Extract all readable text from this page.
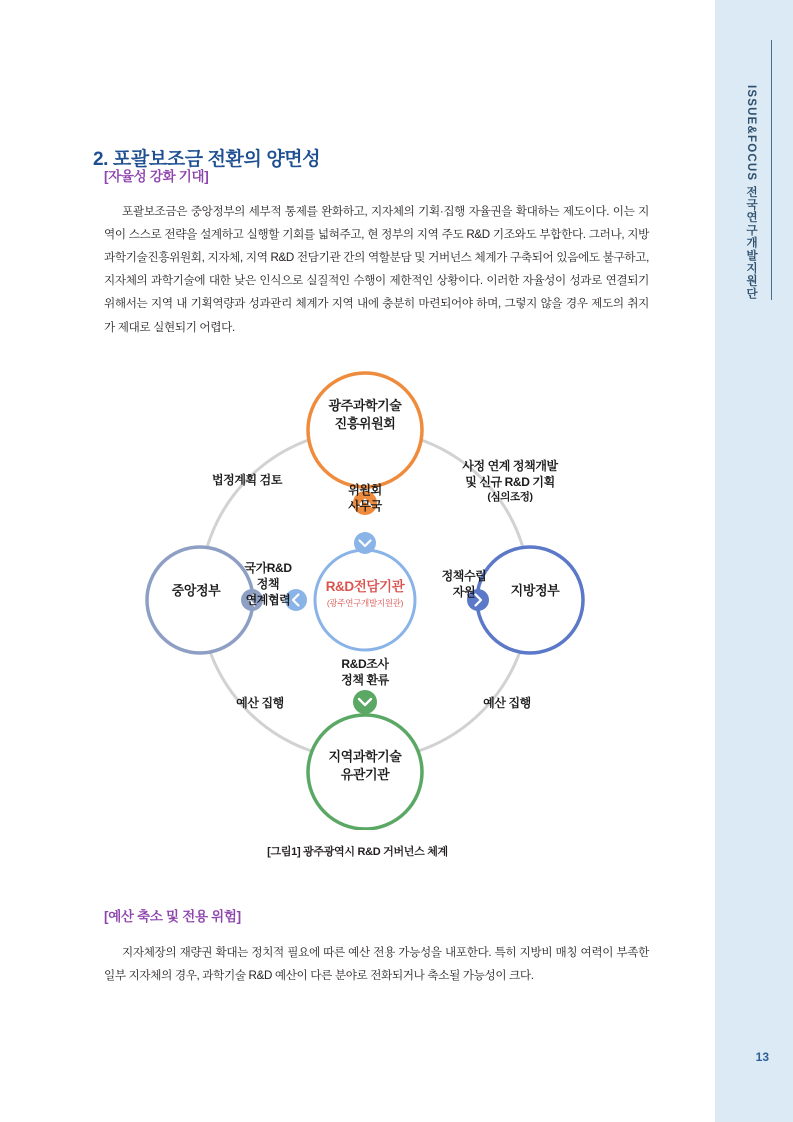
ISSUE&FOCUS 전국연구개발지원단
13
2. 포괄보조금 전환의 양면성
[자율성 강화 기대]

포괄보조금은 중앙정부의 세부적 통제를 완화하고, 지자체의 기획·집행 자율권을 확대하는 제도이다. 이는 지역이 스스로 전략을 설계하고 실행할 기회를 넓혀주고, 현 정부의 지역 주도 R&D 기조와도 부합한다. 그러나, 지방과학기술진흥위원회, 지자체, 지역 R&D 전담기관 간의 역할분담 및 거버넌스 체계가 구축되어 있음에도 불구하고, 지자체의 과학기술에 대한 낮은 인식으로 실질적인 수행이 제한적인 상황이다. 이러한 자율성이 성과로 연결되기 위해서는 지역 내 기획역량과 성과관리 체계가 지역 내에 충분히 마련되어야 하며, 그렇지 않을 경우 제도의 취지가 제대로 실현되기 어렵다.

광주과학기술
진흥위원회
중앙정부	지방정부
지역과학기술
유관기관
R&D전담기관
(광주연구개발지원관)
위원회
사무국
R&D조사
정책 환류
국가R&D
정책
연계협력
정책수립
자원
법정계획 검토
사정 연계 정책개발
및 신규 R&D 기획
(심의조정)
예산 집행	예산 집행
[그림1] 광주광역시 R&D 거버넌스 체계
[예산 축소 및 전용 위험]

지자체장의 재량권 확대는 정치적 필요에 따른 예산 전용 가능성을 내포한다. 특히 지방비 매칭 여력이 부족한 일부 지자체의 경우, 과학기술 R&D 예산이 다른 분야로 전화되거나 축소될 가능성이 크다.
